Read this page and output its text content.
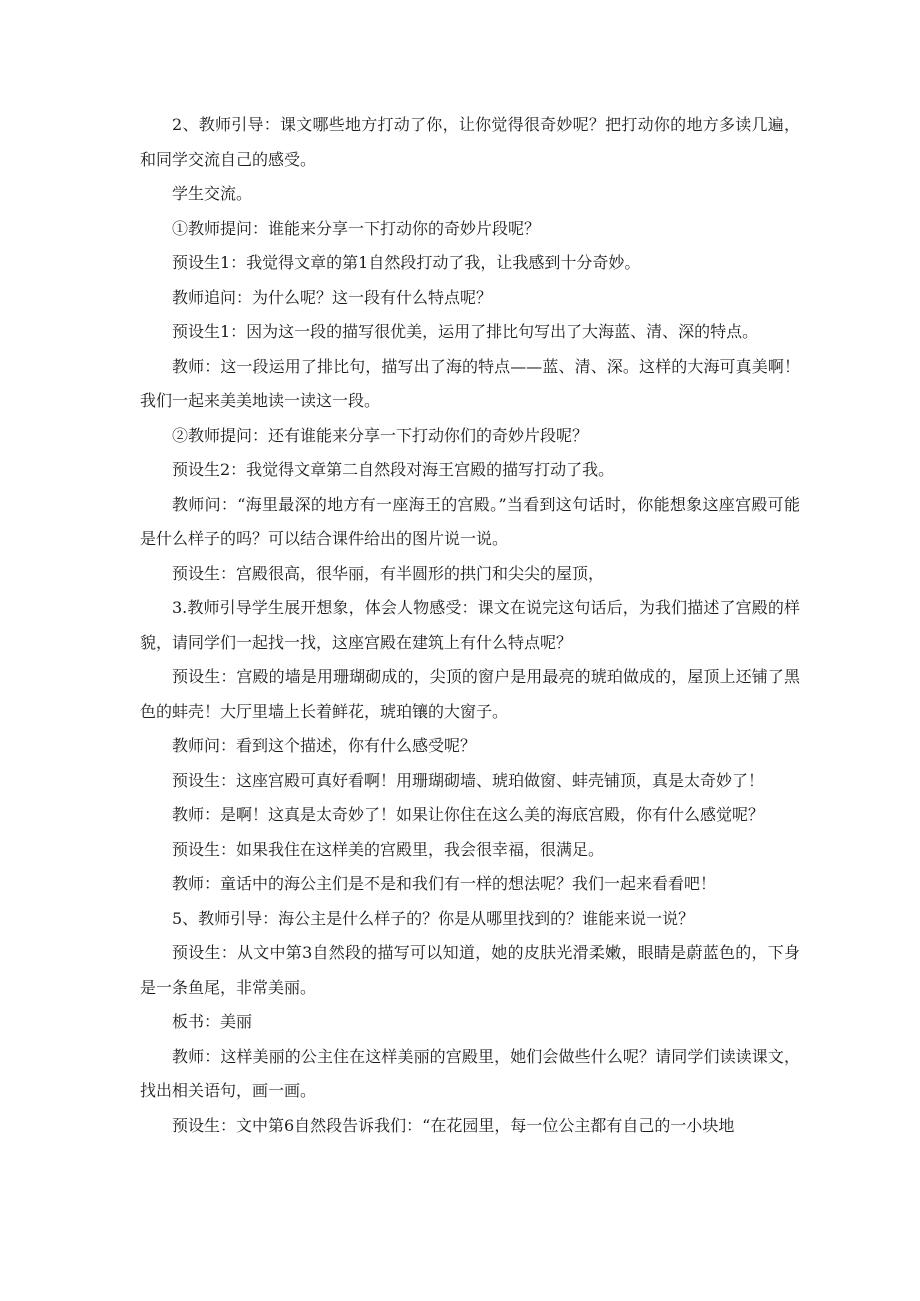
2、教师引导：课文哪些地方打动了你，让你觉得很奇妙呢？把打动你的地方多读几遍，和同学交流自己的感受。

学生交流。

①教师提问：谁能来分享一下打动你的奇妙片段呢？

预设生1：我觉得文章的第1自然段打动了我，让我感到十分奇妙。

教师追问：为什么呢？这一段有什么特点呢？

预设生1：因为这一段的描写很优美，运用了排比句写出了大海蓝、清、深的特点。

教师：这一段运用了排比句，描写出了海的特点——蓝、清、深。这样的大海可真美啊！我们一起来美美地读一读这一段。

②教师提问：还有谁能来分享一下打动你们的奇妙片段呢？

预设生2：我觉得文章第二自然段对海王宫殿的描写打动了我。

教师问：“海里最深的地方有一座海王的宫殿。”当看到这句话时，你能想象这座宫殿可能是什么样子的吗？可以结合课件给出的图片说一说。

预设生：宫殿很高，很华丽，有半圆形的拱门和尖尖的屋顶，

3.教师引导学生展开想象，体会人物感受：课文在说完这句话后，为我们描述了宫殿的样貌，请同学们一起找一找，这座宫殿在建筑上有什么特点呢？

预设生：宫殿的墙是用珊瑚砌成的，尖顶的窗户是用最亮的琥珀做成的，屋顶上还铺了黑色的蚌壳！大厅里墙上长着鲜花，琥珀镶的大窗子。

教师问：看到这个描述，你有什么感受呢？

预设生：这座宫殿可真好看啊！用珊瑚砌墙、琥珀做窗、蚌壳铺顶，真是太奇妙了！

教师：是啊！这真是太奇妙了！如果让你住在这么美的海底宫殿，你有什么感觉呢？

预设生：如果我住在这样美的宫殿里，我会很幸福，很满足。

教师：童话中的海公主们是不是和我们有一样的想法呢？我们一起来看看吧！

5、教师引导：海公主是什么样子的？你是从哪里找到的？谁能来说一说？

预设生：从文中第3自然段的描写可以知道，她的皮肤光滑柔嫩，眼睛是蔚蓝色的，下身是一条鱼尾，非常美丽。

板书：美丽

教师：这样美丽的公主住在这样美丽的宫殿里，她们会做些什么呢？请同学们读读课文，找出相关语句，画一画。

预设生：文中第6自然段告诉我们：“在花园里，每一位公主都有自己的一小块地
